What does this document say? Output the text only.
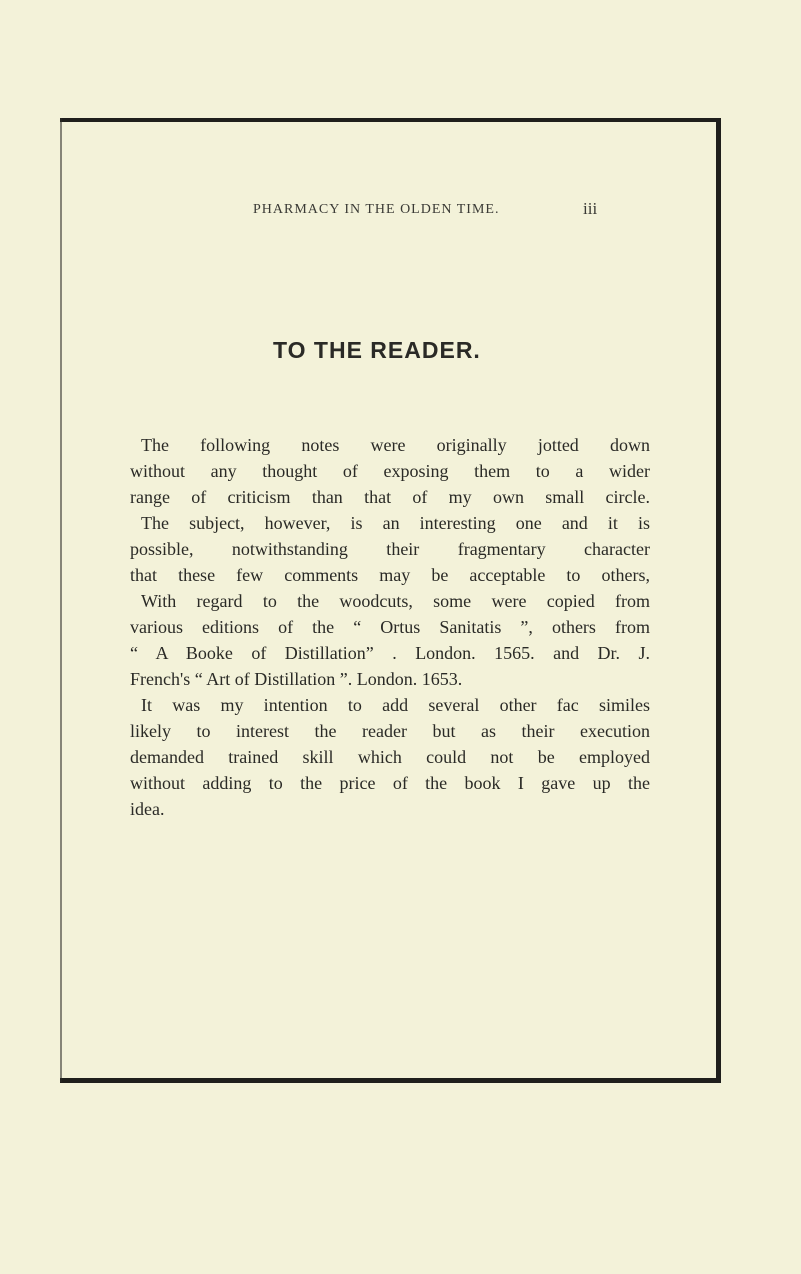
PHARMACY IN THE OLDEN TIME.	iii
TO THE READER.
The following notes were originally jotted down
without any thought of exposing them to a wider
range of criticism than that of my own small circle.
The subject, however, is an interesting one and it is
possible, notwithstanding their fragmentary character
that these few comments may be acceptable to others,
With regard to the woodcuts, some were copied from
various editions of the “ Ortus Sanitatis ”, others from
“ A Booke of Distillation” . London. 1565. and Dr. J.
French's “ Art of Distillation ”. London. 1653.
It was my intention to add several other fac similes
likely to interest the reader but as their execution
demanded trained skill which could not be employed
without adding to the price of the book I gave up the
idea.
